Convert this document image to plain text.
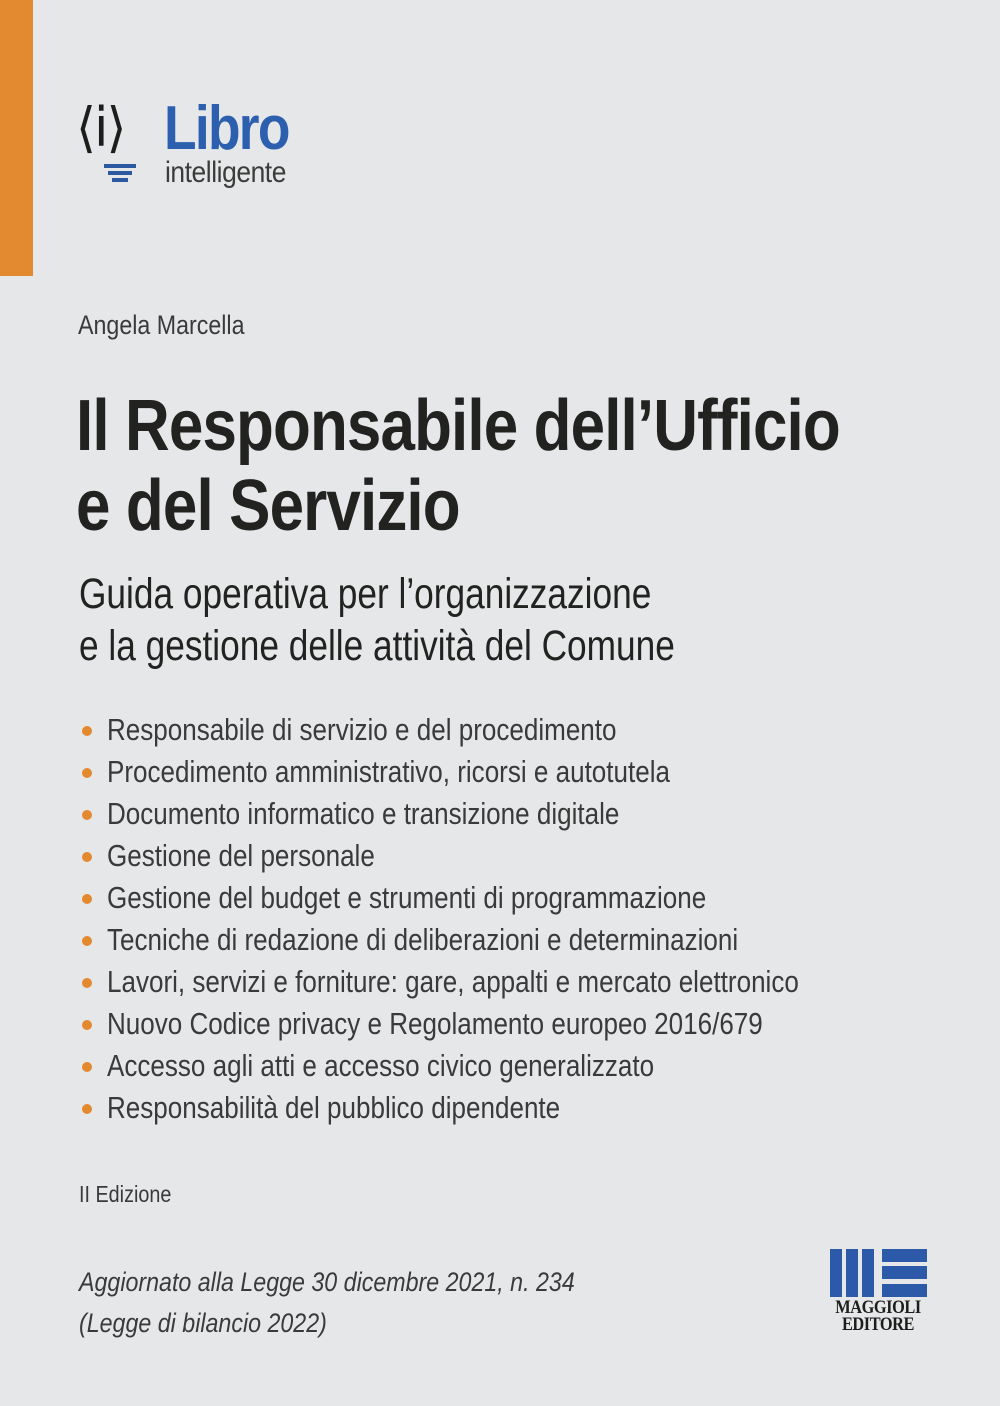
⟨i⟩ Libro
intelligente
Angela Marcella
Il Responsabile dell’Ufficio
e del Servizio
Guida operativa per l’organizzazione
e la gestione delle attività del Comune
Responsabile di servizio e del procedimento
Procedimento amministrativo, ricorsi e autotutela
Documento informatico e transizione digitale
Gestione del personale
Gestione del budget e strumenti di programmazione
Tecniche di redazione di deliberazioni e determinazioni
Lavori, servizi e forniture: gare, appalti e mercato elettronico
Nuovo Codice privacy e Regolamento europeo 2016/679
Accesso agli atti e accesso civico generalizzato
Responsabilità del pubblico dipendente
II Edizione
Aggiornato alla Legge 30 dicembre 2021, n. 234
(Legge di bilancio 2022)
MAGGIOLI
EDITORE
